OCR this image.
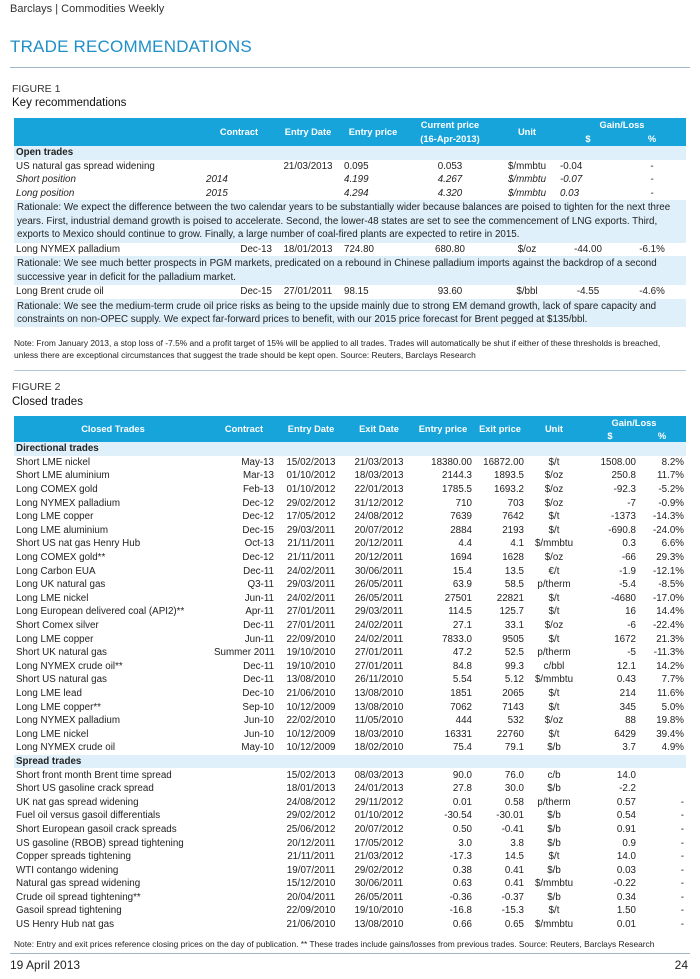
Barclays | Commodities Weekly
TRADE RECOMMENDATIONS
FIGURE 1
Key recommendations
	Contract	Entry Date	Entry price	Current price	Unit	Gain/Loss	
				(16-Apr-2013)		$	%
Open trades							
US natural gas spread widening		21/03/2013	0.095	0.053	$/mmbtu	-0.04	-
Short position	2014		4.199	4.267	$/mmbtu	-0.07	-
Long position	2015		4.294	4.320	$/mmbtu	0.03	-
Rationale: We expect the difference between the two calendar years to be substantially wider because balances are poised to tighten for the next three years. First, industrial demand growth is poised to accelerate. Second, the lower-48 states are set to see the commencement of LNG exports. Third, exports to Mexico should continue to grow. Finally, a large number of coal-fired plants are expected to retire in 2015.							
Long NYMEX palladium	Dec-13	18/01/2013	724.80	680.80	$/oz	-44.00	-6.1%
Rationale: We see much better prospects in PGM markets, predicated on a rebound in Chinese palladium imports against the backdrop of a second successive year in deficit for the palladium market.							
Long Brent crude oil	Dec-15	27/01/2011	98.15	93.60	$/bbl	-4.55	-4.6%
Rationale: We see the medium-term crude oil price risks as being to the upside mainly due to strong EM demand growth, lack of spare capacity and constraints on non-OPEC supply. We expect far-forward prices to benefit, with our 2015 price forecast for Brent pegged at $135/bbl.							
Note: From January 2013, a stop loss of -7.5% and a profit target of 15% will be applied to all trades. Trades will automatically be shut if either of these thresholds is breached, unless there are exceptional circumstances that suggest the trade should be kept open. Source: Reuters, Barclays Research
FIGURE 2
Closed trades
Closed Trades	Contract	Entry Date	Exit Date	Entry price	Exit price	Unit	Gain/Loss	
							$	%
Directional trades								
Short LME nickel	May-13	15/02/2013	21/03/2013	18380.00	16872.00	$/t	1508.00	8.2%
Short LME aluminium	Mar-13	01/10/2012	18/03/2013	2144.3	1893.5	$/oz	250.8	11.7%
Long COMEX gold	Feb-13	01/10/2012	22/01/2013	1785.5	1693.2	$/oz	-92.3	-5.2%
Long NYMEX palladium	Dec-12	29/02/2012	31/12/2012	710	703	$/oz	-7	-0.9%
Long LME copper	Dec-12	17/05/2012	24/08/2012	7639	7642	$/t	-1373	-14.3%
Long LME aluminium	Dec-15	29/03/2011	20/07/2012	2884	2193	$/t	-690.8	-24.0%
Short US nat gas Henry Hub	Oct-13	21/11/2011	20/12/2011	4.4	4.1	$/mmbtu	0.3	6.6%
Long COMEX gold**	Dec-12	21/11/2011	20/12/2011	1694	1628	$/oz	-66	29.3%
Long Carbon EUA	Dec-11	24/02/2011	30/06/2011	15.4	13.5	€/t	-1.9	-12.1%
Long UK natural gas	Q3-11	29/03/2011	26/05/2011	63.9	58.5	p/therm	-5.4	-8.5%
Long LME nickel	Jun-11	24/02/2011	26/05/2011	27501	22821	$/t	-4680	-17.0%
Long European delivered coal (API2)**	Apr-11	27/01/2011	29/03/2011	114.5	125.7	$/t	16	14.4%
Short Comex silver	Dec-11	27/01/2011	24/02/2011	27.1	33.1	$/oz	-6	-22.4%
Long LME copper	Jun-11	22/09/2010	24/02/2011	7833.0	9505	$/t	1672	21.3%
Short UK natural gas	Summer 2011	19/10/2010	27/01/2011	47.2	52.5	p/therm	-5	-11.3%
Long NYMEX crude oil**	Dec-11	19/10/2010	27/01/2011	84.8	99.3	c/bbl	12.1	14.2%
Short US natural gas	Dec-11	13/08/2010	26/11/2010	5.54	5.12	$/mmbtu	0.43	7.7%
Long LME lead	Dec-10	21/06/2010	13/08/2010	1851	2065	$/t	214	11.6%
Long LME copper**	Sep-10	10/12/2009	13/08/2010	7062	7143	$/t	345	5.0%
Long NYMEX palladium	Jun-10	22/02/2010	11/05/2010	444	532	$/oz	88	19.8%
Long LME nickel	Jun-10	10/12/2009	18/03/2010	16331	22760	$/t	6429	39.4%
Long NYMEX crude oil	May-10	10/12/2009	18/02/2010	75.4	79.1	$/b	3.7	4.9%
Spread trades								
Short front month Brent time spread		15/02/2013	08/03/2013	90.0	76.0	c/b	14.0	
Short US gasoline crack spread		18/01/2013	24/01/2013	27.8	30.0	$/b	-2.2	
UK nat gas spread widening		24/08/2012	29/11/2012	0.01	0.58	p/therm	0.57	-
Fuel oil versus gasoil differentials		29/02/2012	01/10/2012	-30.54	-30.01	$/b	0.54	-
Short European gasoil crack spreads		25/06/2012	20/07/2012	0.50	-0.41	$/b	0.91	-
US gasoline (RBOB) spread tightening		20/12/2011	17/05/2012	3.0	3.8	$/b	0.9	-
Copper spreads tightening		21/11/2011	21/03/2012	-17.3	14.5	$/t	14.0	-
WTI contango widening		19/07/2011	29/02/2012	0.38	0.41	$/b	0.03	-
Natural gas spread widening		15/12/2010	30/06/2011	0.63	0.41	$/mmbtu	-0.22	-
Crude oil spread tightening**		20/04/2011	26/05/2011	-0.36	-0.37	$/b	0.34	-
Gasoil spread tightening		22/09/2010	19/10/2010	-16.8	-15.3	$/t	1.50	-
US Henry Hub nat gas		21/06/2010	13/08/2010	0.66	0.65	$/mmbtu	0.01	-
Note: Entry and exit prices reference closing prices on the day of publication. ** These trades include gains/losses from previous trades. Source: Reuters, Barclays Research
19 April 2013	24
